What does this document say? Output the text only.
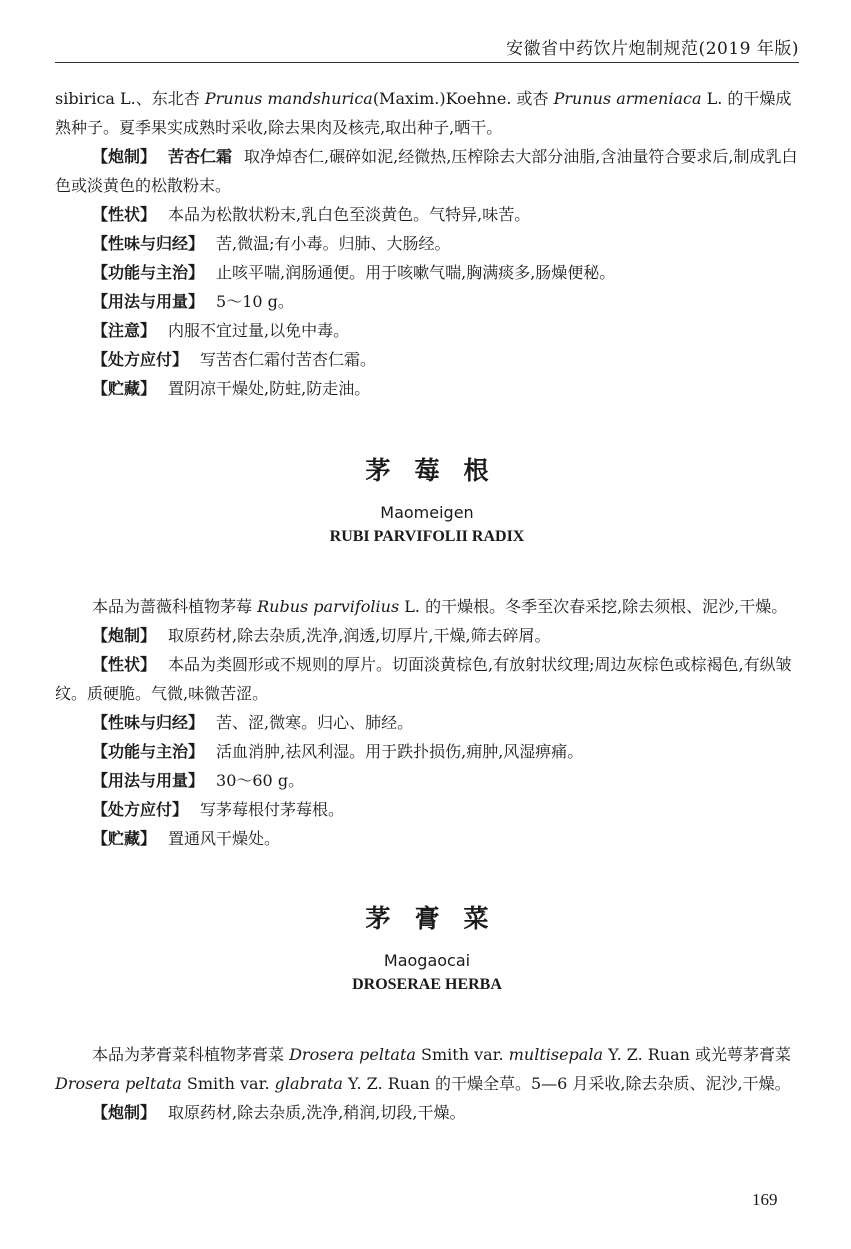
安徽省中药饮片炮制规范(2019 年版)

sibirica L.、东北杏 Prunus mandshurica(Maxim.)Koehne. 或杏 Prunus armeniaca L. 的干燥成熟种子。夏季果实成熟时采收,除去果肉及核壳,取出种子,晒干。

【炮制】 苦杏仁霜 取净焯杏仁,碾碎如泥,经微热,压榨除去大部分油脂,含油量符合要求后,制成乳白色或淡黄色的松散粉末。

【性状】 本品为松散状粉末,乳白色至淡黄色。气特异,味苦。

【性味与归经】 苦,微温;有小毒。归肺、大肠经。

【功能与主治】 止咳平喘,润肠通便。用于咳嗽气喘,胸满痰多,肠燥便秘。

【用法与用量】 5～10 g。

【注意】 内服不宜过量,以免中毒。

【处方应付】 写苦杏仁霜付苦杏仁霜。

【贮藏】 置阴凉干燥处,防蛀,防走油。

茅莓根
Maomeigen
RUBI PARVIFOLII RADIX

本品为蔷薇科植物茅莓 Rubus parvifolius L. 的干燥根。冬季至次春采挖,除去须根、泥沙,干燥。

【炮制】 取原药材,除去杂质,洗净,润透,切厚片,干燥,筛去碎屑。

【性状】 本品为类圆形或不规则的厚片。切面淡黄棕色,有放射状纹理;周边灰棕色或棕褐色,有纵皱纹。质硬脆。气微,味微苦涩。

【性味与归经】 苦、涩,微寒。归心、肺经。

【功能与主治】 活血消肿,祛风利湿。用于跌扑损伤,痈肿,风湿痹痛。

【用法与用量】 30～60 g。

【处方应付】 写茅莓根付茅莓根。

【贮藏】 置通风干燥处。

茅膏菜
Maogaocai
DROSERAE HERBA

本品为茅膏菜科植物茅膏菜 Drosera peltata Smith var. multisepala Y. Z. Ruan 或光萼茅膏菜 Drosera peltata Smith var. glabrata Y. Z. Ruan 的干燥全草。5—6 月采收,除去杂质、泥沙,干燥。

【炮制】 取原药材,除去杂质,洗净,稍润,切段,干燥。

169
